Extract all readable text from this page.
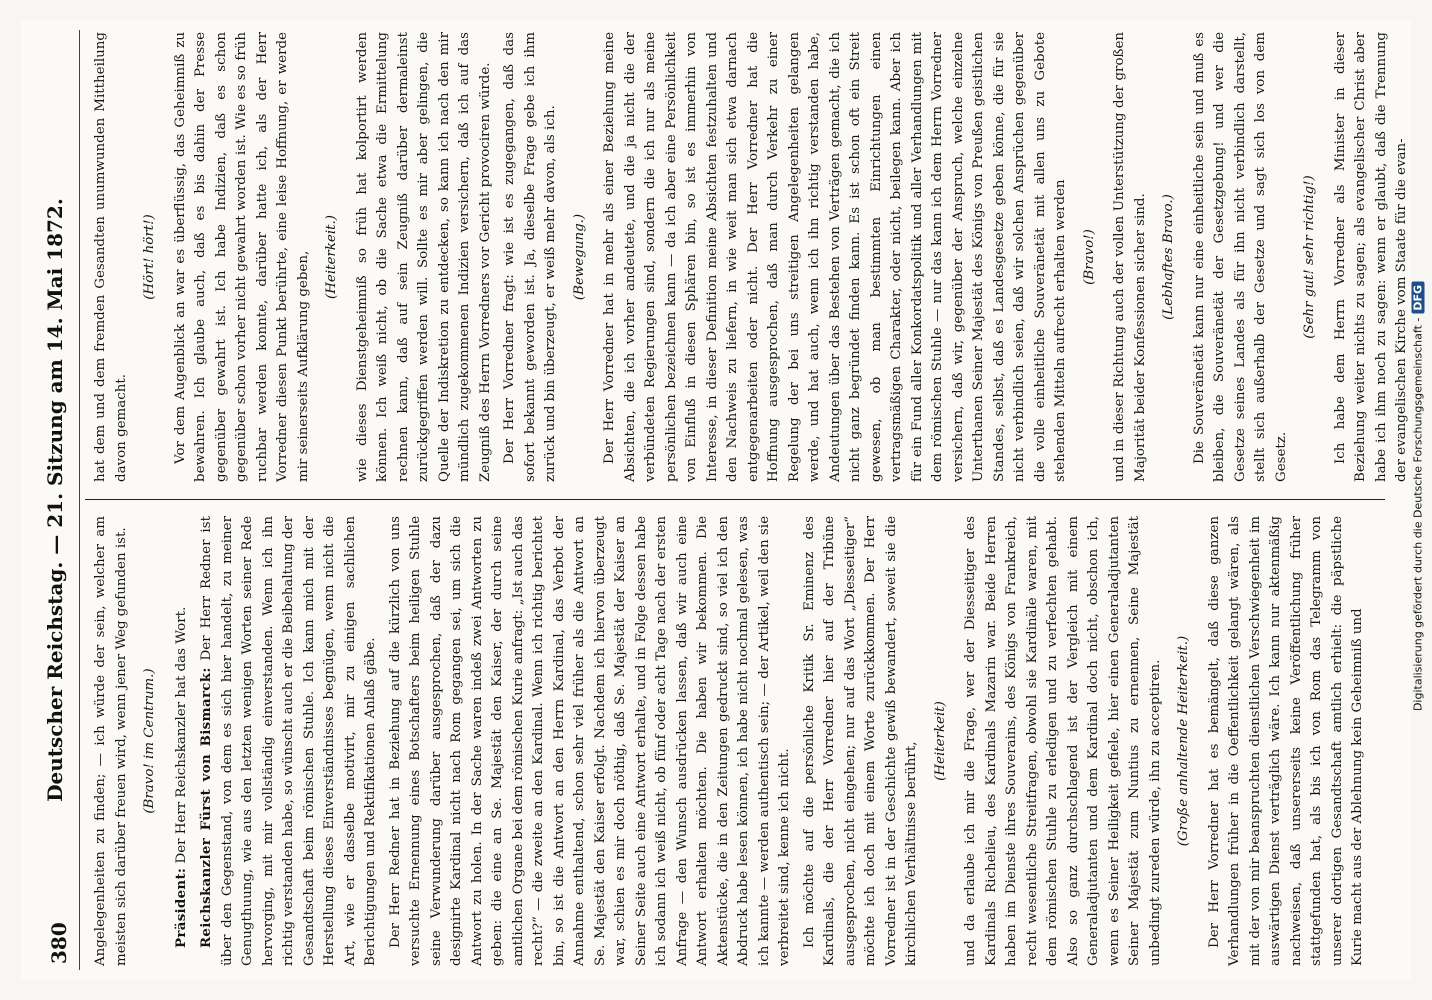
380
Deutscher Reichstag. — 21. Sitzung am 14. Mai 1872. Angelegenheiten zu finden; — ich würde der sein, welcher am meisten sich darüber freuen wird, wenn jener Weg gefunden ist. (Bravo! im Centrum.)

Präsident: Der Herr Reichskanzler hat das Wort. Reichskanzler Fürst von Bismarck: Der Herr Redner ist über den Gegenstand, von dem es sich hier handelt, zu meiner Genugthuung, wie aus den letzten wenigen Worten seiner Rede hervorging, mit mir vollständig einverstanden. Wenn ich ihn richtig verstanden habe, so wünscht auch er die Beibehaltung der Gesandtschaft beim römischen Stuhle. Ich kann mich mit der Herstellung dieses Einverständnisses begnügen, wenn nicht die Art, wie er dasselbe motivirt, mir zu einigen sachlichen Berichtigungen und Rektifikationen Anlaß gäbe. Der Herr Redner hat in Beziehung auf die kürzlich von uns versuchte Ernennung eines Botschafters beim heiligen Stuhle seine Verwunderung darüber ausgesprochen, daß der dazu designirte Kardinal nicht nach Rom gegangen sei, um sich die Antwort zu holen. In der Sache waren indeß zwei Antworten zu geben: die eine an Se. Majestät den Kaiser, der durch seine amtlichen Organe bei dem römischen Kurie anfragt: „Ist auch das recht?“ — die zweite an den Kardinal. Wenn ich richtig berichtet bin, so ist die Antwort an den Herrn Kardinal, das Verbot der Annahme enthaltend, schon sehr viel früher als die Antwort an Se. Majestät den Kaiser erfolgt. Nachdem ich hiervon überzeugt war, schien es mir doch nöthig, daß Se. Majestät der Kaiser an Seiner Seite auch eine Antwort erhalte, und in Folge dessen habe ich sodann ich weiß nicht, ob fünf oder acht Tage nach der ersten Anfrage — den Wunsch ausdrücken lassen, daß wir auch eine Antwort erhalten möchten. Die haben wir bekommen. Die Aktenstücke, die in den Zeitungen gedruckt sind, so viel ich den Abdruck habe lesen können, ich habe nicht nochmal gelesen, was ich kannte — werden authentisch sein; — der Artikel, weil den sie verbreitet sind, kenne ich nicht. Ich möchte auf die persönliche Kritik Sr. Eminenz des Kardinals, die der Herr Vorredner hier auf der Tribüne ausgesprochen, nicht eingehen; nur auf das Wort „Diesseitiger“ möchte ich doch mit einem Worte zurückkommen. Der Herr Vorredner ist in der Geschichte gewiß bewandert, soweit sie die kirchlichen Verhältnisse berührt,

(Heiterkeit) und da erlaube ich mir die Frage, wer der Diesseitiger des Kardinals Richelieu, des Kardinals Mazarin war. Beide Herren haben im Dienste ihres Souverains, des Königs von Frankreich, recht wesentliche Streitfragen, obwohl sie Kardinäle waren, mit dem römischen Stuhle zu erledigen und zu verfechten gehabt. Also so ganz durchschlagend ist der Vergleich mit einem Generaladjutanten und dem Kardinal doch nicht, obschon ich, wenn es Seiner Heiligkeit gefiele, hier einen Generaladjutanten Seiner Majestät zum Nuntius zu ernennen, Seine Majestät unbedingt zureden würde, ihn zu acceptiren. (Große anhaltende Heiterkeit.) Der Herr Vorredner hat es bemängelt, daß diese ganzen Verhandlungen früher in die Oeffentlichkeit gelangt wären, als mit der von mir beanspruchten dienstlichen Verschwiegenheit im auswärtigen Dienst verträglich wäre. Ich kann nur aktenmäßig nachweisen, daß unsererseits keine Veröffentlichung früher stattgefunden hat, als bis ich von Rom das Telegramm von unserer dortigen Gesandtschaft amtlich erhielt: die päpstliche Kurie macht aus der Ablehnung kein Geheimniß und

hat dem und dem fremden Gesandten unumwunden Mittheilung davon gemacht.

(Hört! hört!) Vor dem Augenblick an war es überflüssig, das Geheimniß zu bewahren. Ich glaube auch, daß es bis dahin der Presse gegenüber gewahrt ist. Ich habe Indizien, daß es schon gegenüber schon vorher nicht gewahrt worden ist. Wie es so früh ruchbar werden konnte, darüber hatte ich, als der Herr Vorredner diesen Punkt berührte, eine leise Hoffnung, er werde mir seinerseits Aufklärung geben, (Heiterkeit.) wie dieses Dienstgeheimniß so früh hat kolportirt werden können. Ich weiß nicht, ob die Sache etwa die Ermittelung rechnen kann, daß auf sein Zeugniß darüber dermaleinst zurückgegriffen werden will. Sollte es mir aber gelingen, die Quelle der Indiskretion zu entdecken, so kann ich nach den mir mündlich zugekommenen Indizien versichern, daß ich auf das Zeugniß des Herrn Vorredners vor Gericht provociren würde. Der Herr Vorredner fragt: wie ist es zugegangen, daß das sofort bekannt geworden ist. Ja, dieselbe Frage gebe ich ihm zurück und bin überzeugt, er weiß mehr davon, als ich. (Bewegung.) Der Herr Vorredner hat in mehr als einer Beziehung meine Absichten, die ich vorher andeutete, und die ja nicht die der verbündeten Regierungen sind, sondern die ich nur als meine persönlichen bezeichnen kann — da ich aber eine Persönlichkeit von Einfluß in diesen Sphären bin, so ist es immerhin von Interesse, in dieser Definition meine Absichten festzuhalten und den Nachweis zu liefern, in wie weit man sich etwa darnach entgegenarbeiten oder nicht. Der Herr Vorredner hat die Hoffnung ausgesprochen, daß man durch Verkehr zu einer Regelung der bei uns streitigen Angelegenheiten gelangen werde, und hat auch, wenn ich ihn richtig verstanden habe, Andeutungen über das Bestehen von Verträgen gemacht, die ich nicht ganz begründet finden kann. Es ist schon oft ein Streit gewesen, ob man bestimmten Einrichtungen einen vertragsmäßigen Charakter, oder nicht, beilegen kann. Aber ich für ein Fund aller Konkordatspolitik und aller Verhandlungen mit dem römischen Stuhle — nur das kann ich dem Herrn Vorredner versichern, daß wir, gegenüber der Anspruch, welche einzelne Unterthanen Seiner Majestät des Königs von Preußen geistlichen Standes, selbst, daß es Landesgesetze geben könne, die für sie nicht verbindlich seien, daß wir solchen Ansprüchen gegenüber die volle einheitliche Souveränetät mit allen uns zu Gebote stehenden Mitteln aufrecht erhalten werden (Bravo!) und in dieser Richtung auch der vollen Unterstützung der großen Majorität beider Konfessionen sicher sind. (Lebhaftes Bravo.) Die Souveränetät kann nur eine einheitliche sein und muß es bleiben, die Souveränetät der Gesetzgebung! und wer die Gesetze seines Landes als für ihn nicht verbindlich darstellt, stellt sich außerhalb der Gesetze und sagt sich los von dem Gesetz.

(Sehr gut! sehr richtig!) Ich habe dem Herrn Vorredner als Minister in dieser Beziehung weiter nichts zu sagen; als evangelischer Christ aber habe ich ihm noch zu sagen: wenn er glaubt, daß die Trennung der evangelischen Kirche vom Staate für die evan-

Digitalisierung gefördert durch die Deutsche Forschungsgemeinschaft -DFG
